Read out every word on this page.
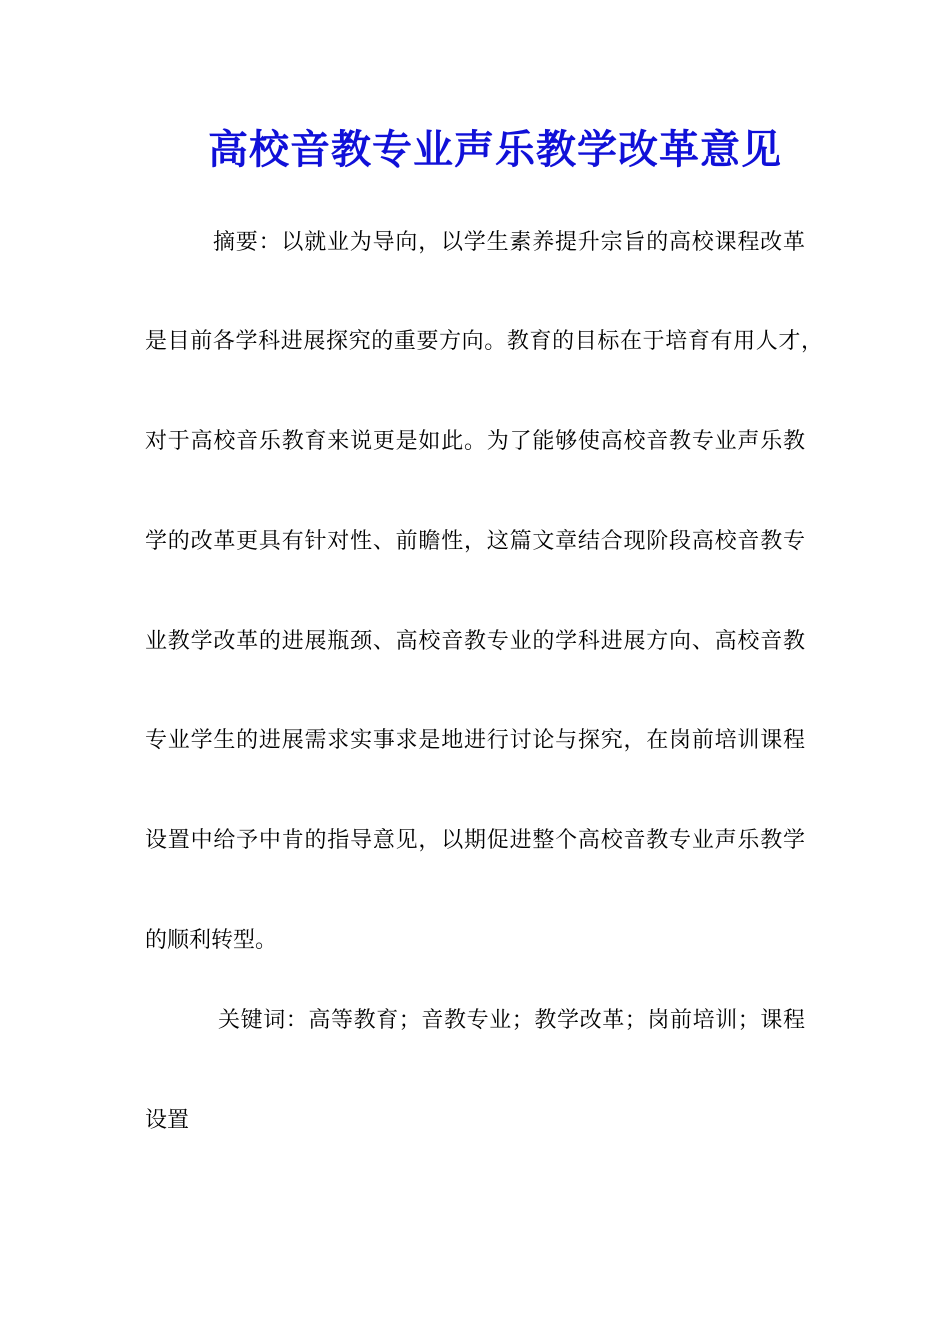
高校音教专业声乐教学改革意见
摘要：以就业为导向，以学生素养提升宗旨的高校课程改革
是目前各学科进展探究的重要方向。教育的目标在于培育有用人才，
对于高校音乐教育来说更是如此。为了能够使高校音教专业声乐教
学的改革更具有针对性、前瞻性，这篇文章结合现阶段高校音教专
业教学改革的进展瓶颈、高校音教专业的学科进展方向、高校音教
专业学生的进展需求实事求是地进行讨论与探究，在岗前培训课程
设置中给予中肯的指导意见，以期促进整个高校音教专业声乐教学
的顺利转型。
关键词：高等教育；音教专业；教学改革；岗前培训；课程
设置
